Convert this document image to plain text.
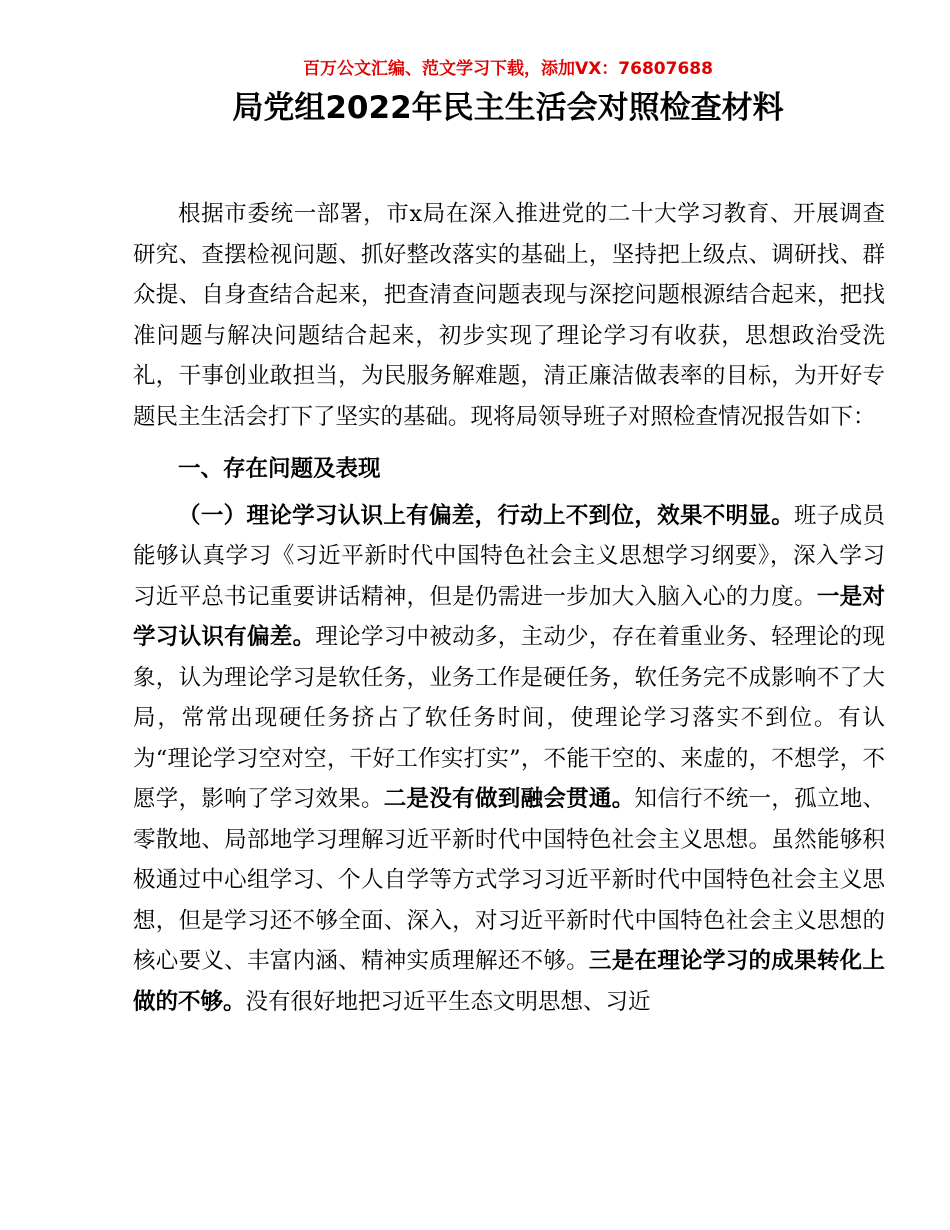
百万公文汇编、范文学习下载，添加VX：76807688
局党组2022年民主生活会对照检查材料

根据市委统一部署，市x局在深入推进党的二十大学习教育、开展调查研究、查摆检视问题、抓好整改落实的基础上，坚持把上级点、调研找、群众提、自身查结合起来，把查清查问题表现与深挖问题根源结合起来，把找准问题与解决问题结合起来，初步实现了理论学习有收获，思想政治受洗礼，干事创业敢担当，为民服务解难题，清正廉洁做表率的目标，为开好专题民主生活会打下了坚实的基础。现将局领导班子对照检查情况报告如下：

一、存在问题及表现

（一）理论学习认识上有偏差，行动上不到位，效果不明显。班子成员能够认真学习《习近平新时代中国特色社会主义思想学习纲要》，深入学习习近平总书记重要讲话精神，但是仍需进一步加大入脑入心的力度。一是对学习认识有偏差。理论学习中被动多，主动少，存在着重业务、轻理论的现象，认为理论学习是软任务，业务工作是硬任务，软任务完不成影响不了大局，常常出现硬任务挤占了软任务时间，使理论学习落实不到位。有认为“理论学习空对空，干好工作实打实”，不能干空的、来虚的，不想学，不愿学，影响了学习效果。二是没有做到融会贯通。知信行不统一，孤立地、零散地、局部地学习理解习近平新时代中国特色社会主义思想。虽然能够积极通过中心组学习、个人自学等方式学习习近平新时代中国特色社会主义思想，但是学习还不够全面、深入，对习近平新时代中国特色社会主义思想的核心要义、丰富内涵、精神实质理解还不够。三是在理论学习的成果转化上做的不够。没有很好地把习近平生态文明思想、习近
